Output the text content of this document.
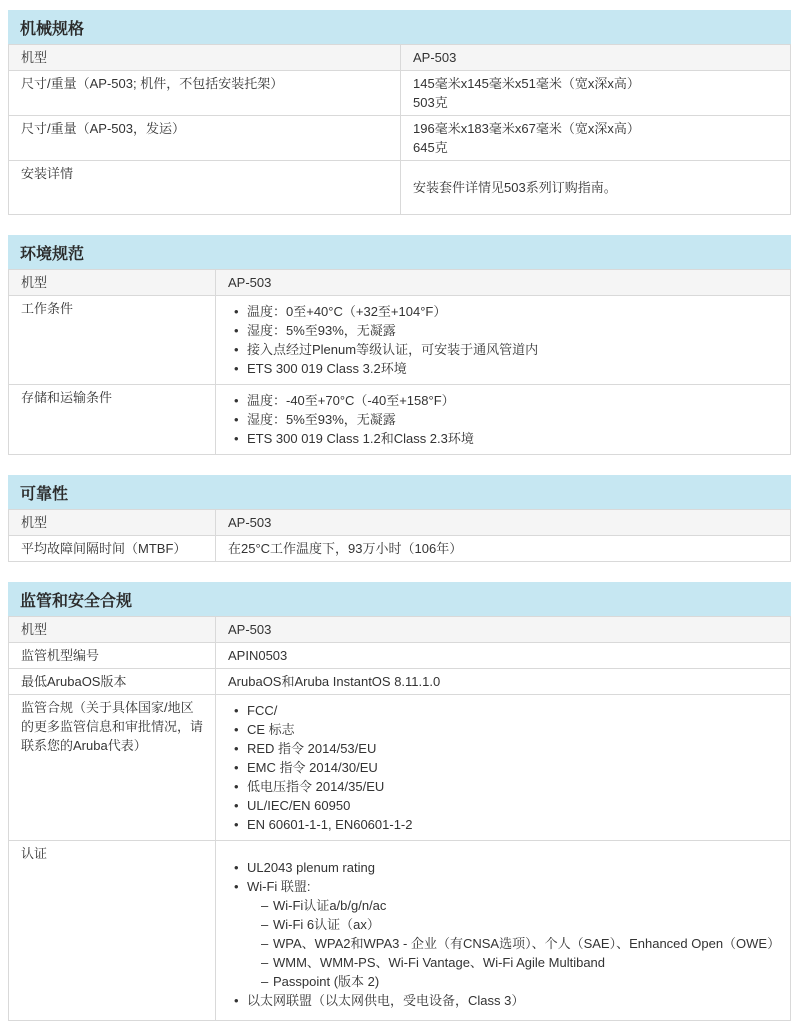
机械规格
机型	AP-503

尺寸/重量（AP-503; 机件，不包括安装托架）	145毫米x145毫米x51毫米（宽x深x高）
503克

尺寸/重量（AP-503，发运）	196毫米x183毫米x67毫米（宽x深x高）
645克

安装详情	安装套件详情见503系列订购指南。
环境规范
机型	AP-503

工作条件

•温度：0至+40°C（+32至+104°F）
• 湿度：5%至93%，无凝露
• 接入点经过Plenum等级认证，可安装于通风管道内
• ETS 300 019 Class 3.2环境

存储和运输条件

•温度：-40至+70°C（-40至+158°F）
• 湿度：5%至93%，无凝露
• ETS 300 019 Class 1.2和Class 2.3环境
可靠性
机型	AP-503

平均故障间隔时间（MTBF）	在25°C工作温度下，93万小时（106年）
监管和安全合规
机型	AP-503

监管机型编号	APIN0503

最低ArubaOS版本	ArubaOS和Aruba InstantOS 8.11.1.0

监管合规（关于具体国家/地区的更多监管信息和审批情况，请联系您的Aruba代表）

• FCC/
• CE 标志
• RED 指令 2014/53/EU
• EMC 指令 2014/30/EU
• 低电压指令 2014/35/EU
• UL/IEC/EN 60950
• EN 60601-1-1, EN60601-1-2

认证

• UL2043 plenum rating
• Wi-Fi 联盟:
– Wi-Fi认证a/b/g/n/ac
– Wi-Fi 6认证（ax）
– WPA、WPA2和WPA3 - 企业（有CNSA选项）、个人（SAE）、Enhanced Open（OWE）
– WMM、WMM-PS、Wi-Fi Vantage、Wi-Fi Agile Multiband
– Passpoint (版本 2)
• 以太网联盟（以太网供电，受电设备，Class 3）
